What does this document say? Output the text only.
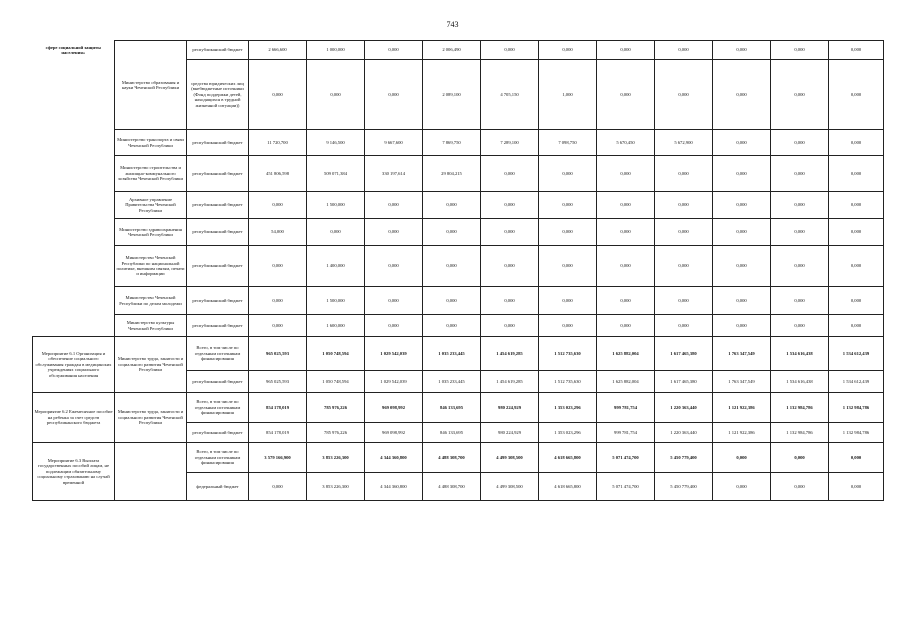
743
сфере социальной защиты населения»	Министерство образования и науки Чеченской Республики	республиканский бюджет	2 666,600	1 000,000	0,000	2 006,490	0,000	0,000	0,000	0,000	0,000	0,000	0,000
		средства юридических лиц (внебюджетные источники (Фонд поддержки детей, находящихся в трудной жизненной ситуации))	0,000	0,000	0,000	2 089,100	4 705,150	1,000	0,000	0,000	0,000	0,000	0,000
	Министерство транспорта и связи Чеченской Республики	республиканский бюджет	11 720,700	9 146,500	9 667,600	7 869,750	7 289,100	7 098,750	5 670,450	5 672,900	0,000	0,000	0,000
	Министерство строительства и жилищно-коммунального хозяйства Чеченской Республики	республиканский бюджет	451 806,598	509 071,384	330 197,614	29 804,215	0,000	0,000	0,000	0,000	0,000	0,000	0,000
	Архивное управление Правительства Чеченской Республики	республиканский бюджет	0,000	1 500,000	0,000	0,000	0,000	0,000	0,000	0,000	0,000	0,000	0,000
	Министерство здравоохранения Чеченской Республики	республиканский бюджет	54,000	0,000	0,000	0,000	0,000	0,000	0,000	0,000	0,000	0,000	0,000
	Министерство Чеченской Республики по национальной политике, внешним связям, печати и информации	республиканский бюджет	0,000	1 400,000	0,000	0,000	0,000	0,000	0,000	0,000	0,000	0,000	0,000
	Министерство Чеченской Республики по делам молодежи	республиканский бюджет	0,000	1 500,000	0,000	0,000	0,000	0,000	0,000	0,000	0,000	0,000	0,000
	Министерство культуры Чеченской Республики	республиканский бюджет	0,000	1 600,000	0,000	0,000	0,000	0,000	0,000	0,000	0,000	0,000	0,000
Мероприятие 6.1 Организация и обеспечение социального обслуживания граждан в медицинских учреждениях социального обслуживания населения	Министерство труда, занятости и социального развития Чеченской Республики	Всего, в том числе по отдельным источникам финансирования	965 025,593	1 050 748,594	1 029 542,039	1 035 233,445	1 454 619,285	1 512 735,630	1 625 882,004	1 617 465,380	1 763 347,549	1 534 616,438	1 534 612,439
		республиканский бюджет	965 025,593	1 050 748,594	1 029 542,039	1 035 233,445	1 454 619,285	1 512 735,630	1 625 882,004	1 617 465,380	1 763 347,549	1 534 616,438	1 534 612,439
Мероприятие 6.2 Ежемесячное пособие на ребенка за счет средств республиканского бюджета	Министерство труда, занятости и социального развития Чеченской Республики	Всего, в том числе по отдельным источникам финансирования	854 178,019	785 976,226	969 098,992	846 133,695	980 224,929	1 353 023,296	999 781,754	1 220 363,440	1 121 922,386	1 132 984,786	1 132 984,786
		республиканский бюджет	854 178,019	785 976,226	969 098,992	846 133,695	980 224,929	1 353 023,296	999 781,754	1 220 363,440	1 121 922,386	1 132 984,786	1 132 984,786

Мероприятие 6.3 Выплата государственных пособий лицам, не подлежащим обязательному социальному страхованию на случай временной		Всего, в том числе по отдельным источникам финансирования	3 579 166,900	3 853 226,300	4 344 360,800	4 488 308,700	4 499 308,500	4 618 665,800	5 071 474,700	5 450 779,400	0,000	0,000	0,000
		федеральный бюджет	0,000	3 853 226,300	4 344 360,800	4 488 308,700	4 499 308,500	4 618 665,800	5 071 474,700	5 450 779,400	0,000	0,000	0,000
